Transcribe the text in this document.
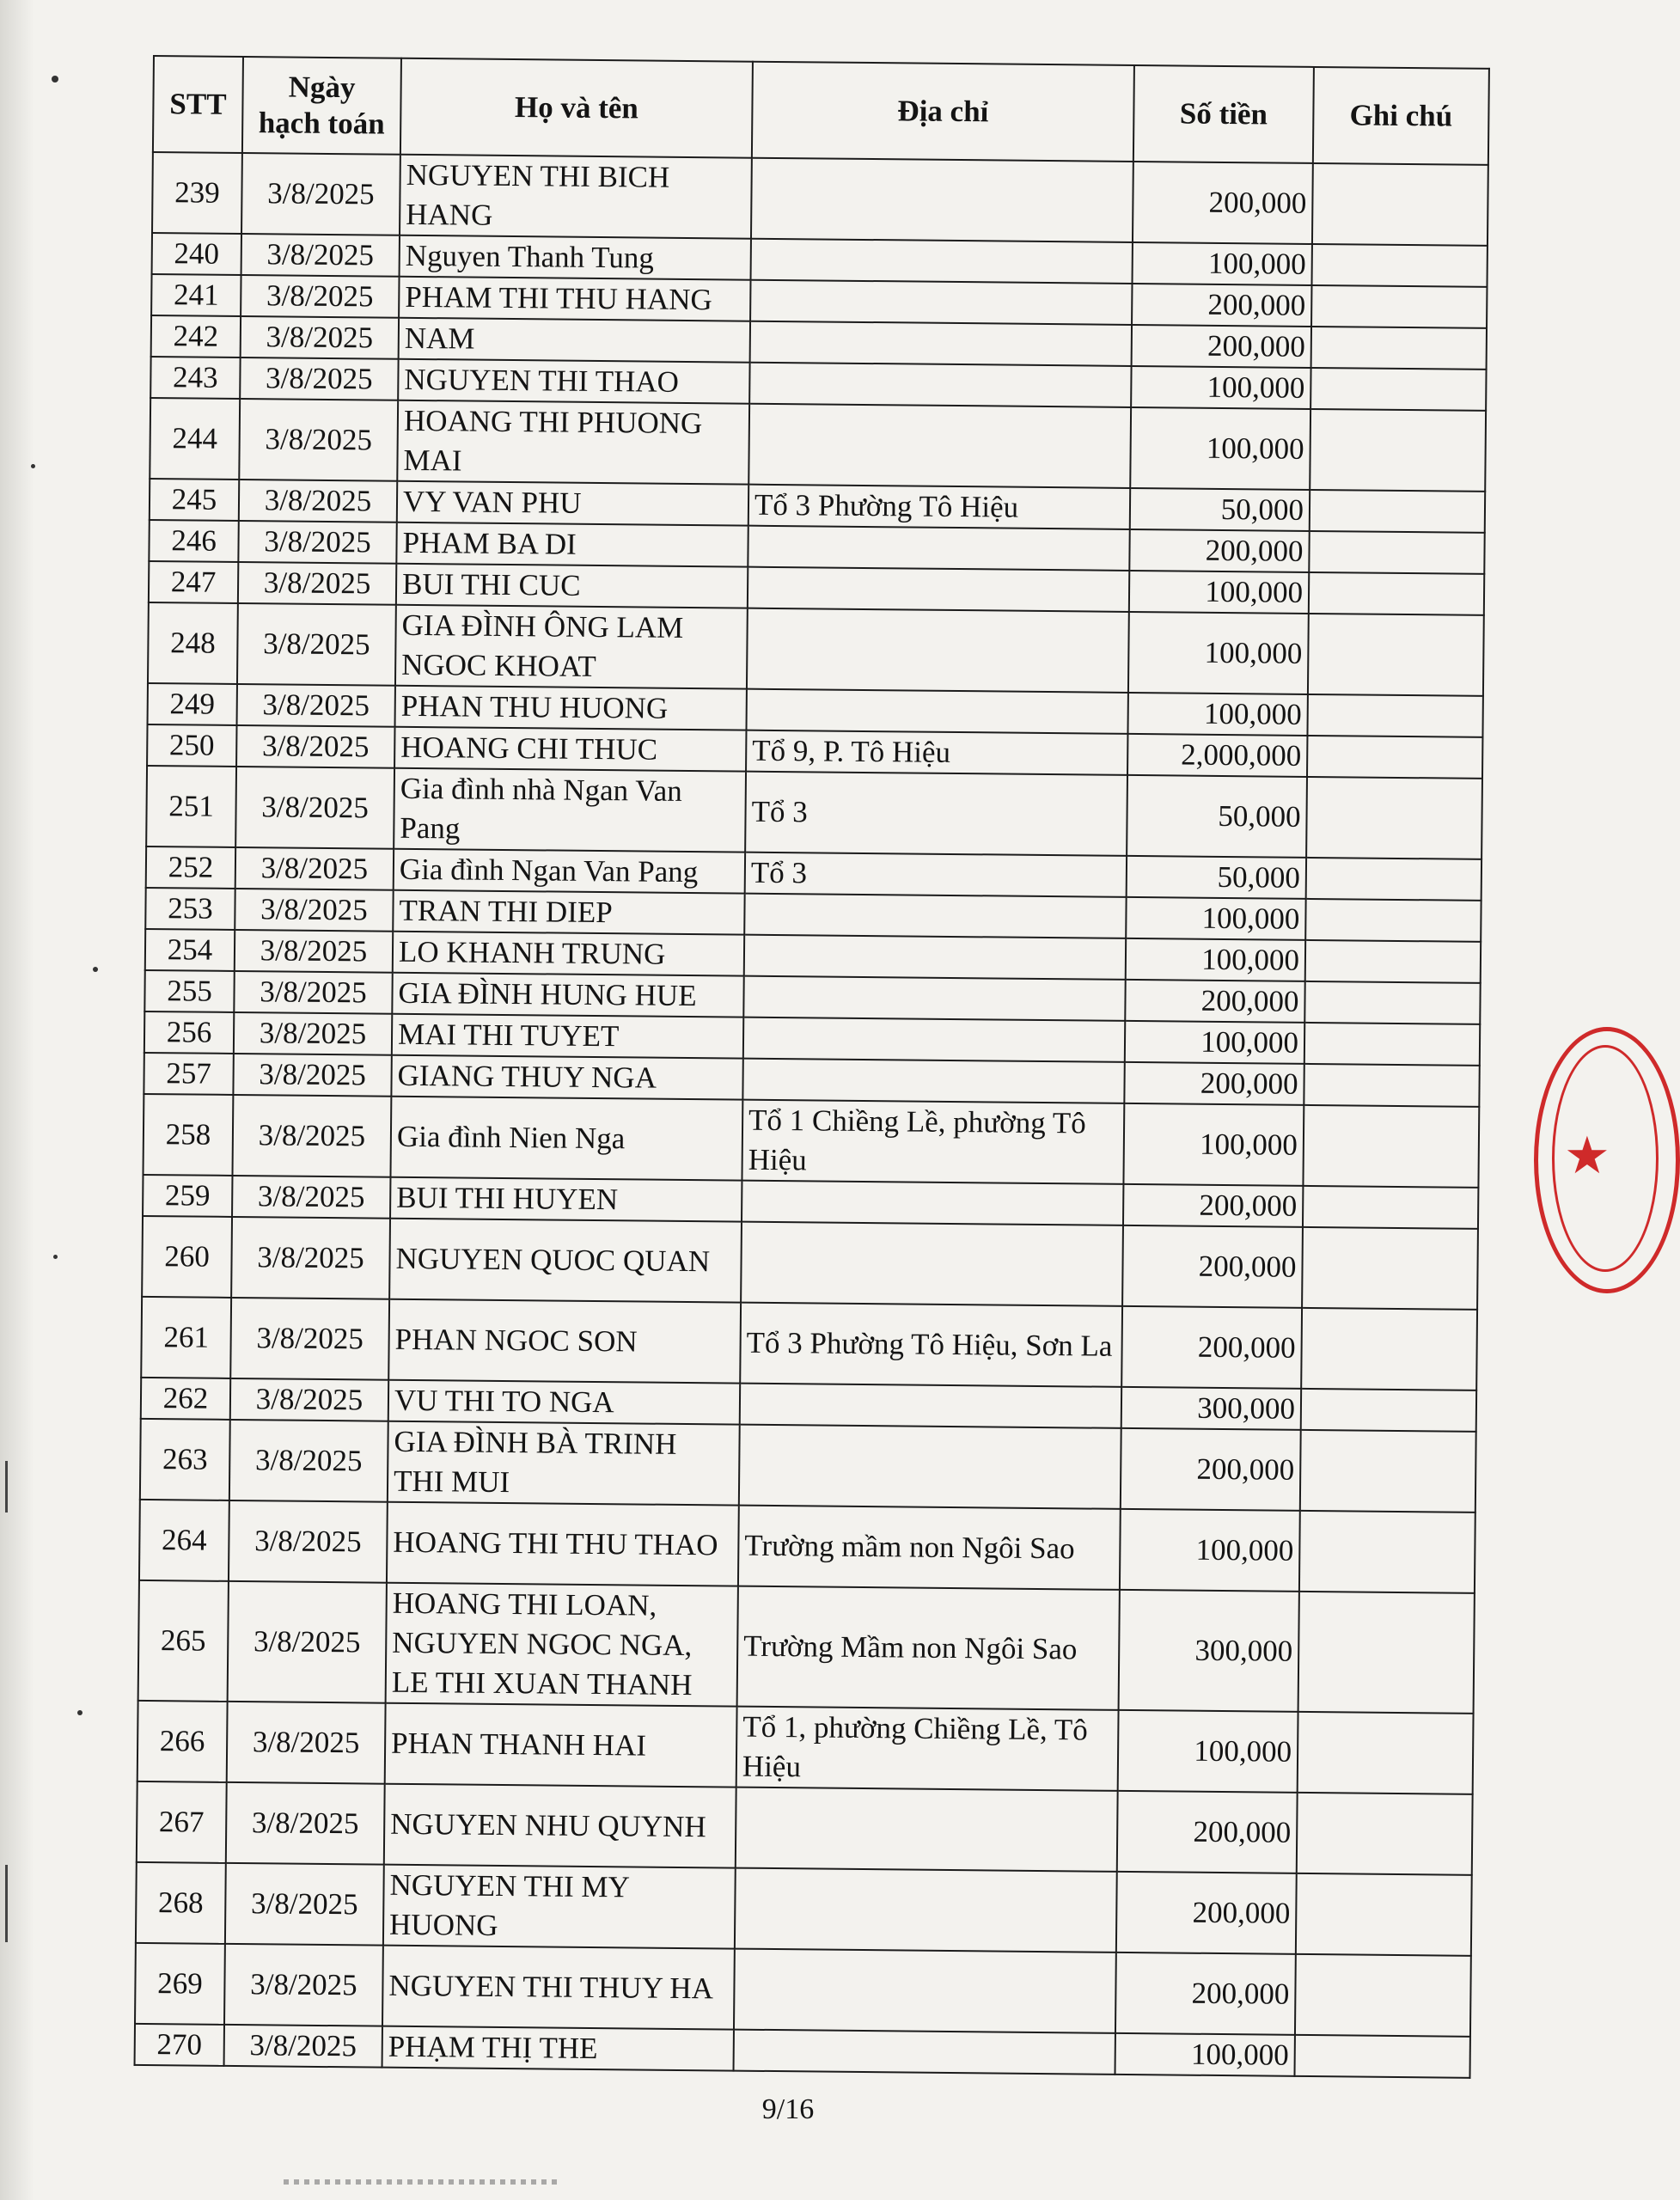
STT	Ngày
hạch toán	Họ và tên	Địa chỉ	Số tiền	Ghi chú
239	3/8/2025	NGUYEN THI BICH HANG		200,000	
240	3/8/2025	Nguyen Thanh Tung		100,000	
241	3/8/2025	PHAM THI THU HANG		200,000	
242	3/8/2025	NAM		200,000	
243	3/8/2025	NGUYEN THI THAO		100,000	
244	3/8/2025	HOANG THI PHUONG MAI		100,000	
245	3/8/2025	VY VAN PHU	Tổ 3 Phường Tô Hiệu	50,000	
246	3/8/2025	PHAM BA DI		200,000	
247	3/8/2025	BUI THI CUC		100,000	
248	3/8/2025	GIA ĐÌNH ÔNG LAM NGOC KHOAT		100,000	
249	3/8/2025	PHAN THU HUONG		100,000	
250	3/8/2025	HOANG CHI THUC	Tổ 9, P. Tô Hiệu	2,000,000	
251	3/8/2025	Gia đình nhà Ngan Van Pang	Tổ 3	50,000	
252	3/8/2025	Gia đình Ngan Van Pang	Tổ 3	50,000	
253	3/8/2025	TRAN THI DIEP		100,000	
254	3/8/2025	LO KHANH TRUNG		100,000	
255	3/8/2025	GIA ĐÌNH HUNG HUE		200,000	
256	3/8/2025	MAI THI TUYET		100,000	
257	3/8/2025	GIANG THUY NGA		200,000	
258	3/8/2025	Gia đình Nien Nga	Tổ 1 Chiềng Lề, phường Tô Hiệu	100,000	
259	3/8/2025	BUI THI HUYEN		200,000	
260	3/8/2025	NGUYEN QUOC QUAN		200,000	
261	3/8/2025	PHAN NGOC SON	Tổ 3 Phường Tô Hiệu, Sơn La	200,000	
262	3/8/2025	VU THI TO NGA		300,000	
263	3/8/2025	GIA ĐÌNH BÀ TRINH THI MUI		200,000	
264	3/8/2025	HOANG THI THU THAO	Trường mầm non Ngôi Sao	100,000	
265	3/8/2025	HOANG THI LOAN, NGUYEN NGOC NGA, LE THI XUAN THANH	Trường Mầm non Ngôi Sao	300,000	
266	3/8/2025	PHAN THANH HAI	Tổ 1, phường Chiềng Lề, Tô Hiệu	100,000	
267	3/8/2025	NGUYEN NHU QUYNH		200,000	
268	3/8/2025	NGUYEN THI MY HUONG		200,000	
269	3/8/2025	NGUYEN THI THUY HA		200,000	
270	3/8/2025	PHẠM THỊ THE		100,000	
9/16
★
